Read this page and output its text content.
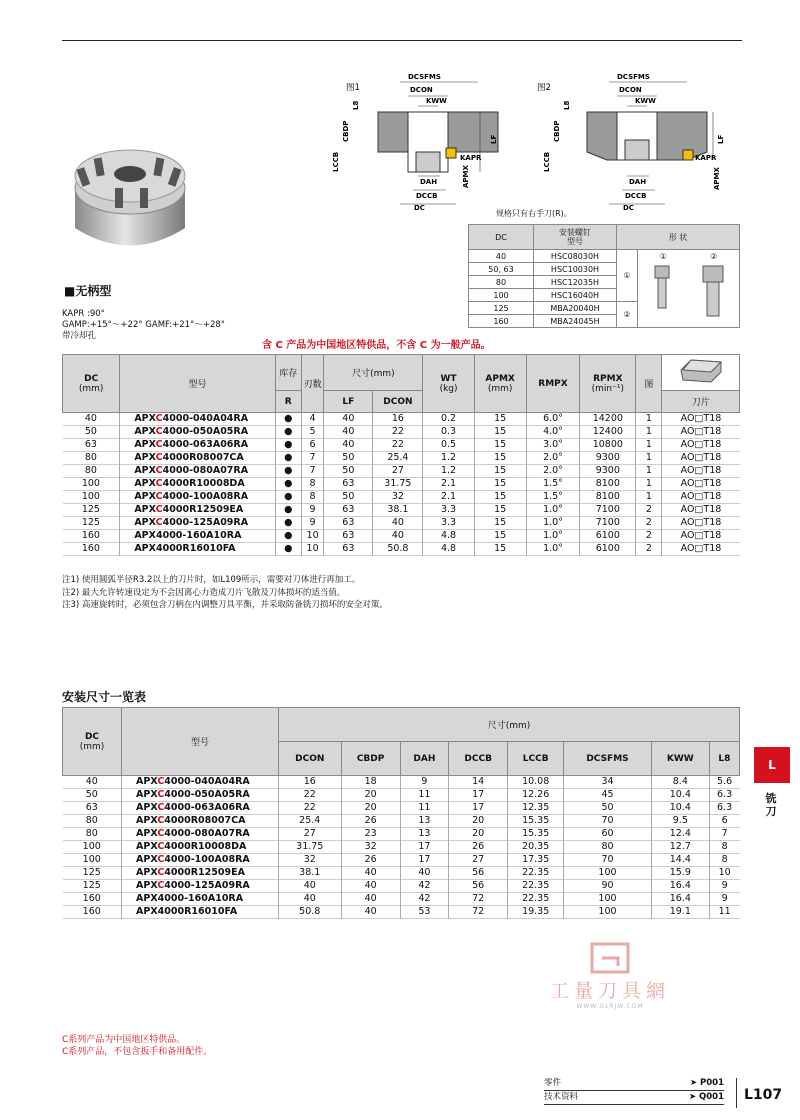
图1
DCSFMS
DCON
KWW
L8
CBDP
LCCB
LF
KAPR
APMX
DAH
DCCB
DC
图2
DCSFMS
DCON
KWW
L8
CBDP
LCCB
LF
KAPR
APMX
DAH
DCCB
DC
规格只有右手刀(R)。
DC	安装螺钉
型号	形 状	
40	HSC08030H	①	① ②

50, 63	HSC10030H		
80	HSC12035H		
100	HSC16040H		
125	MBA20040H	②	
160	MBA24045H		
■无柄型
KAPR :90°
GAMP:+15°～+22° GAMF:+21°～+28°
带冷却孔
含 C 产品为中国地区特供品，不含 C 为一般产品。
DC
(mm)	型号	库存	刃数	尺寸(mm)		WT
(kg)	APMX
(mm)	RMPX	RPMX
(min⁻¹)	图	
		R		LF	DCON						刀片
40	APXC4000-040A04RA	●	4	40	16	0.2	15	6.0°	14200	1	AO□T18
50	APXC4000-050A05RA	●	5	40	22	0.3	15	4.0°	12400	1	AO□T18
63	APXC4000-063A06RA	●	6	40	22	0.5	15	3.0°	10800	1	AO□T18
80	APXC4000R08007CA	●	7	50	25.4	1.2	15	2.0°	9300	1	AO□T18
80	APXC4000-080A07RA	●	7	50	27	1.2	15	2.0°	9300	1	AO□T18
100	APXC4000R10008DA	●	8	63	31.75	2.1	15	1.5°	8100	1	AO□T18
100	APXC4000-100A08RA	●	8	50	32	2.1	15	1.5°	8100	1	AO□T18
125	APXC4000R12509EA	●	9	63	38.1	3.3	15	1.0°	7100	2	AO□T18
125	APXC4000-125A09RA	●	9	63	40	3.3	15	1.0°	7100	2	AO□T18
160	APX4000-160A10RA	●	10	63	40	4.8	15	1.0°	6100	2	AO□T18
160	APX4000R16010FA	●	10	63	50.8	4.8	15	1.0°	6100	2	AO□T18
注1) 使用圆弧半径R3.2以上的刀片时，如L109所示，需要对刀体进行再加工。
注2) 最大允许转速设定为不会因离心力造成刀片飞散及刀体损坏的适当值。
注3) 高速旋转时，必须包含刀柄在内调整刀具平衡，并采取防备铣刀损坏的安全对策。
安装尺寸一览表
DC
(mm)	型号	尺寸(mm)							
		DCON	CBDP	DAH	DCCB	LCCB	DCSFMS	KWW	L8
40	APXC4000-040A04RA	16	18	9	14	10.08	34	8.4	5.6
50	APXC4000-050A05RA	22	20	11	17	12.26	45	10.4	6.3
63	APXC4000-063A06RA	22	20	11	17	12.35	50	10.4	6.3
80	APXC4000R08007CA	25.4	26	13	20	15.35	70	9.5	6
80	APXC4000-080A07RA	27	23	13	20	15.35	60	12.4	7
100	APXC4000R10008DA	31.75	32	17	26	20.35	80	12.7	8
100	APXC4000-100A08RA	32	26	17	27	17.35	70	14.4	8
125	APXC4000R12509EA	38.1	40	40	56	22.35	100	15.9	10
125	APXC4000-125A09RA	40	40	42	56	22.35	90	16.4	9
160	APX4000-160A10RA	40	40	42	72	22.35	100	16.4	9
160	APX4000R16010FA	50.8	40	53	72	19.35	100	19.1	11
L
铣刀
工量刀具網
WWW.GLRJW.COM
C系列产品为中国地区特供品。
C系列产品，不包含扳手和备用配件。
零件	➤ P001
技术资料	➤ Q001 L107
